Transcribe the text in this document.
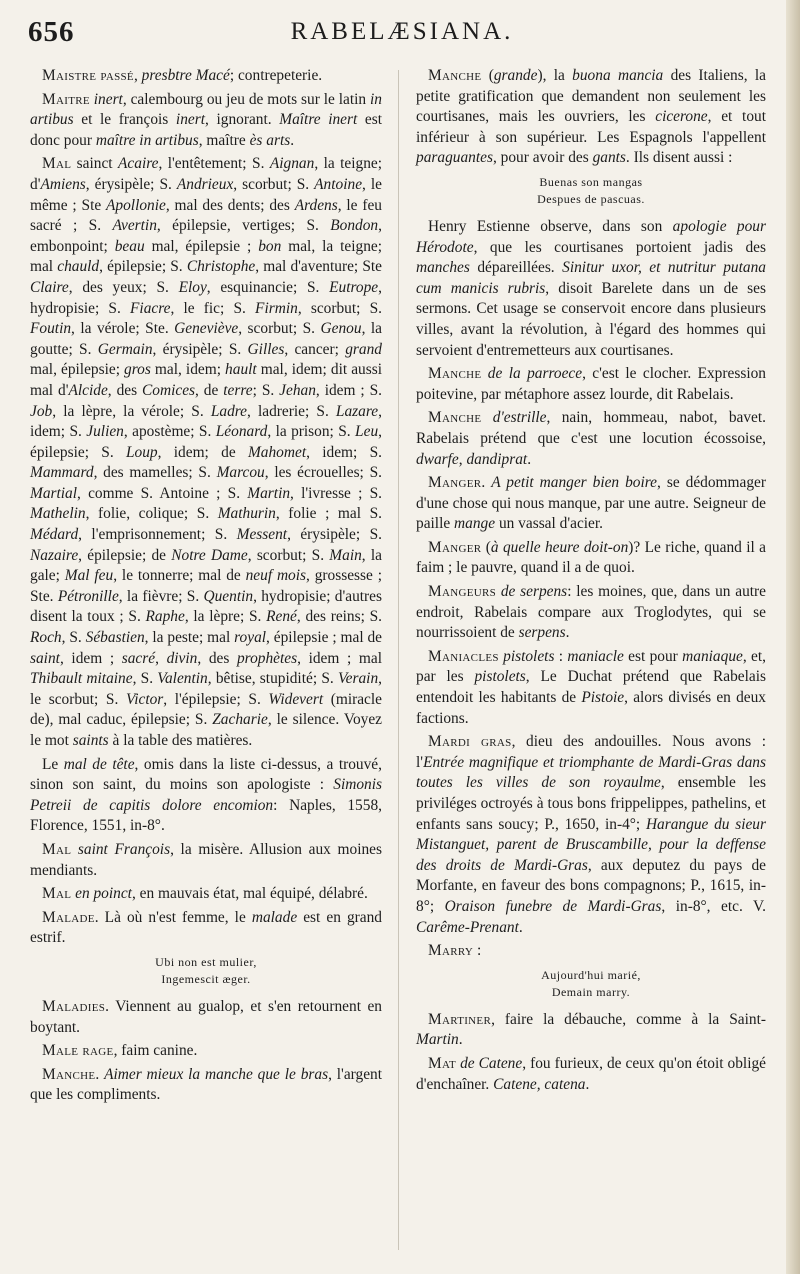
656	RABELÆSIANA.

Maistre passé, presbtre Macé; contrepeterie.

Maitre inert, calembourg ou jeu de mots sur le latin in artibus et le françois inert, ignorant. Maître inert est donc pour maître in artibus, maître ès arts.

Mal sainct Acaire, l'entêtement; S. Aignan, la teigne; d'Amiens, érysipèle; S. Andrieux, scorbut; S. Antoine, le même ; Ste Apollonie, mal des dents; des Ardens, le feu sacré ; S. Avertin, épilepsie, vertiges; S. Bondon, embonpoint; beau mal, épilepsie ; bon mal, la teigne; mal chauld, épilepsie; S. Christophe, mal d'aventure; Ste Claire, des yeux; S. Eloy, esquinancie; S. Eutrope, hydropisie; S. Fiacre, le fic; S. Firmin, scorbut; S. Foutin, la vérole; Ste. Geneviève, scorbut; S. Genou, la goutte; S. Germain, érysipèle; S. Gilles, cancer; grand mal, épilepsie; gros mal, idem; hault mal, idem; dit aussi mal d'Alcide, des Comices, de terre; S. Jehan, idem ; S. Job, la lèpre, la vérole; S. Ladre, ladrerie; S. Lazare, idem; S. Julien, apostème; S. Léonard, la prison; S. Leu, épilepsie; S. Loup, idem; de Mahomet, idem; S. Mammard, des mamelles; S. Marcou, les écrouelles; S. Martial, comme S. Antoine ; S. Martin, l'ivresse ; S. Mathelin, folie, colique; S. Mathurin, folie ; mal S. Médard, l'emprisonnement; S. Messent, érysipèle; S. Nazaire, épilepsie; de Notre Dame, scorbut; S. Main, la gale; Mal feu, le tonnerre; mal de neuf mois, grossesse ; Ste. Pétronille, la fièvre; S. Quentin, hydropisie; d'autres disent la toux ; S. Raphe, la lèpre; S. René, des reins; S. Roch, S. Sébastien, la peste; mal royal, épilepsie ; mal de saint, idem ; sacré, divin, des prophètes, idem ; mal Thibault mitaine, S. Valentin, bêtise, stupidité; S. Verain, le scorbut; S. Victor, l'épilepsie; S. Widevert (miracle de), mal caduc, épilepsie; S. Zacharie, le silence. Voyez le mot saints à la table des matières.

Le mal de tête, omis dans la liste ci-dessus, a trouvé, sinon son saint, du moins son apologiste : Simonis Petreii de capitis dolore encomion: Naples, 1558, Florence, 1551, in-8°.

Mal saint François, la misère. Allusion aux moines mendiants.

Mal en poinct, en mauvais état, mal équipé, délabré.

Malade. Là où n'est femme, le malade est en grand estrif.

Ubi non est mulier,
Ingemescit æger.

Maladies. Viennent au gualop, et s'en retournent en boytant.

Male rage, faim canine.

Manche. Aimer mieux la manche que le bras, l'argent que les compliments.

Manche (grande), la buona mancia des Italiens, la petite gratification que demandent non seulement les courtisanes, mais les ouvriers, les cicerone, et tout inférieur à son supérieur. Les Espagnols l'appellent paraguantes, pour avoir des gants. Ils disent aussi :

Buenas son mangas
Despues de pascuas.

Henry Estienne observe, dans son apologie pour Hérodote, que les courtisanes portoient jadis des manches dépareillées. Sinitur uxor, et nutritur putana cum manicis rubris, disoit Barelete dans un de ses sermons. Cet usage se conservoit encore dans plusieurs villes, avant la révolution, à l'égard des hommes qui servoient d'entremetteurs aux courtisanes.

Manche de la parroece, c'est le clocher. Expression poitevine, par métaphore assez lourde, dit Rabelais.

Manche d'estrille, nain, hommeau, nabot, bavet. Rabelais prétend que c'est une locution écossoise, dwarfe, dandiprat.

Manger. A petit manger bien boire, se dédommager d'une chose qui nous manque, par une autre. Seigneur de paille mange un vassal d'acier.

Manger (à quelle heure doit-on)? Le riche, quand il a faim ; le pauvre, quand il a de quoi.

Mangeurs de serpens: les moines, que, dans un autre endroit, Rabelais compare aux Troglodytes, qui se nourrissoient de serpens.

Maniacles pistolets : maniacle est pour maniaque, et, par les pistolets, Le Duchat prétend que Rabelais entendoit les habitants de Pistoie, alors divisés en deux factions.

Mardi gras, dieu des andouilles. Nous avons : l'Entrée magnifique et triomphante de Mardi-Gras dans toutes les villes de son royaulme, ensemble les priviléges octroyés à tous bons frippelippes, pathelins, et enfants sans soucy; P., 1650, in-4°; Harangue du sieur Mistanguet, parent de Bruscambille, pour la deffense des droits de Mardi-Gras, aux deputez du pays de Morfante, en faveur des bons compagnons; P., 1615, in-8°; Oraison funebre de Mardi-Gras, in-8°, etc. V. Carême-Prenant.

Marry :

Aujourd'hui marié,
Demain marry.

Martiner, faire la débauche, comme à la Saint-Martin.

Mat de Catene, fou furieux, de ceux qu'on étoit obligé d'enchaîner. Catene, catena.
